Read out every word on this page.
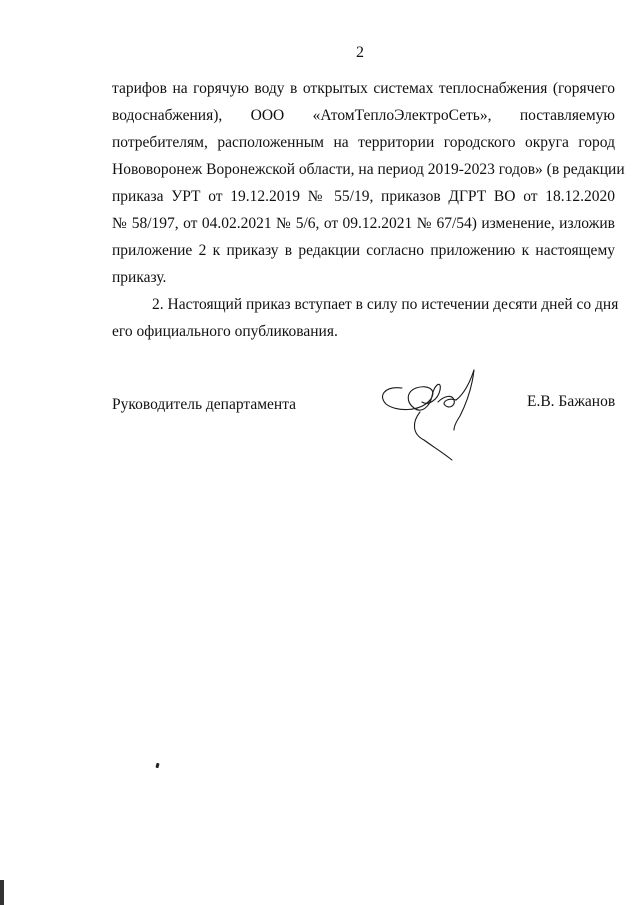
2
тарифов на горячую воду в открытых системах теплоснабжения (горячего
водоснабжения), ООО «АтомТеплоЭлектроСеть», поставляемую
потребителям, расположенным на территории городского округа город
Нововоронеж Воронежской области, на период 2019-2023 годов» (в редакции
приказа УРТ от 19.12.2019 № 55/19, приказов ДГРТ ВО от 18.12.2020
№ 58/197, от 04.02.2021 № 5/6, от 09.12.2021 № 67/54) изменение, изложив
приложение 2 к приказу в редакции согласно приложению к настоящему
приказу.
2. Настоящий приказ вступает в силу по истечении десяти дней со дня
его официального опубликования.
Руководитель департамента	Е.В. Бажанов
